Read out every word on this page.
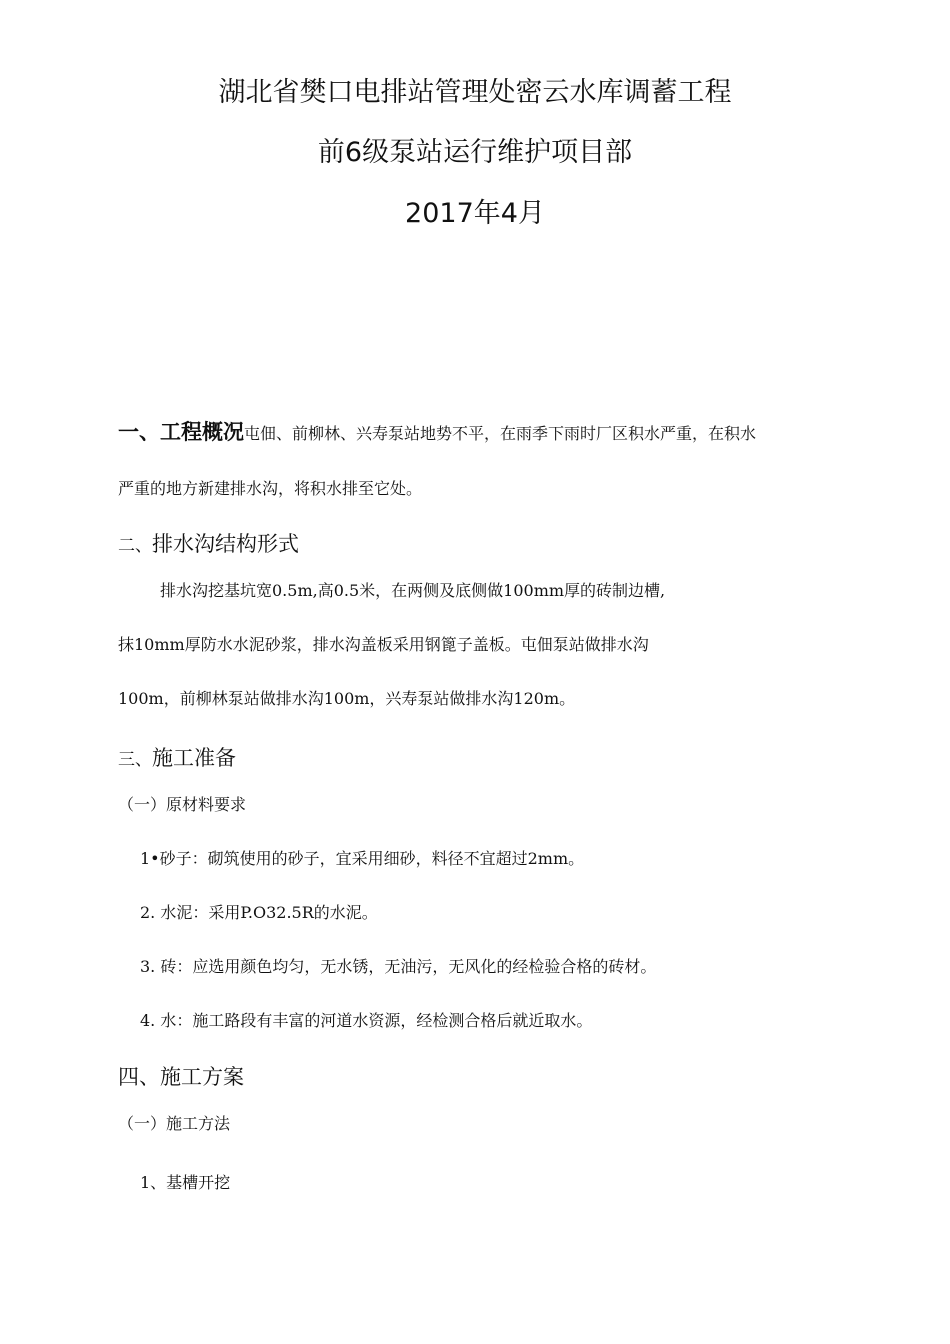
湖北省樊口电排站管理处密云水库调蓄工程
前6级泵站运行维护项目部
2017年4月
一、工程概况屯佃、前柳林、兴寿泵站地势不平，在雨季下雨时厂区积水严重，在积水
严重的地方新建排水沟，将积水排至它处。
二、排水沟结构形式
排水沟挖基坑宽0.5m,高0.5米，在两侧及底侧做100mm厚的砖制边槽,
抹10mm厚防水水泥砂浆，排水沟盖板采用钢篦子盖板。屯佃泵站做排水沟
100m，前柳林泵站做排水沟100m，兴寿泵站做排水沟120m。
三、施工准备
（一）原材料要求
1•砂子：砌筑使用的砂子，宜采用细砂，料径不宜超过2mm。
2. 水泥：采用P.O32.5R的水泥。
3. 砖：应选用颜色均匀，无水锈，无油污，无风化的经检验合格的砖材。
4. 水：施工路段有丰富的河道水资源，经检测合格后就近取水。
四、施工方案
（一）施工方法
1、基槽开挖
